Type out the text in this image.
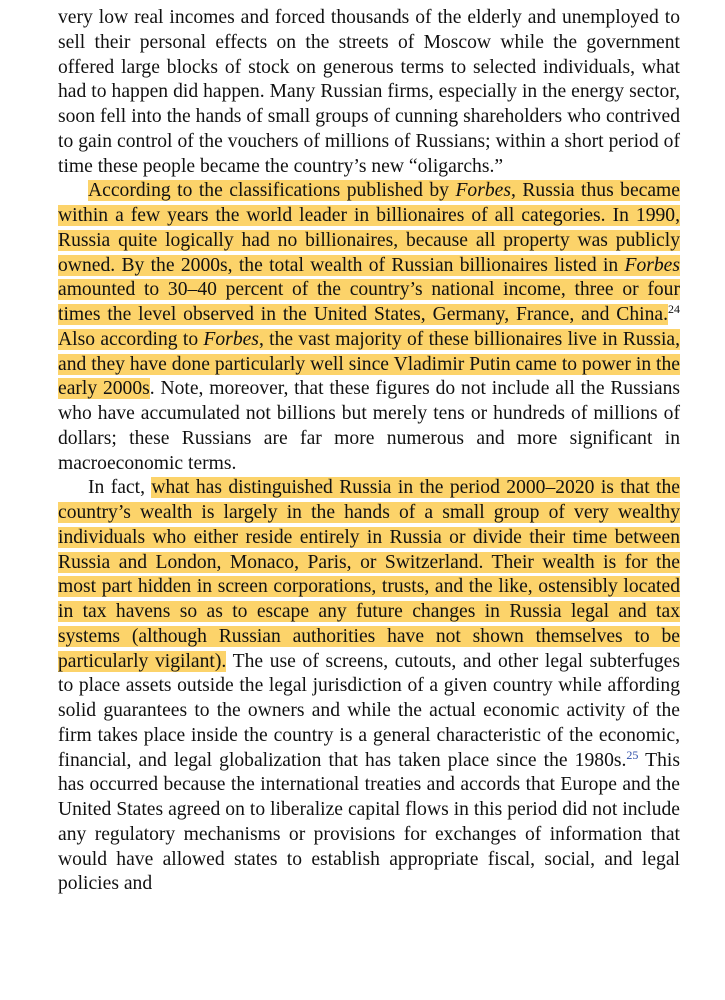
very low real incomes and forced thousands of the elderly and unemployed to sell their personal effects on the streets of Moscow while the government offered large blocks of stock on generous terms to selected individuals, what had to happen did happen. Many Russian firms, especially in the energy sector, soon fell into the hands of small groups of cunning shareholders who contrived to gain control of the vouchers of millions of Russians; within a short period of time these people became the country’s new “oligarchs.”

According to the classifications published by Forbes, Russia thus became within a few years the world leader in billionaires of all categories. In 1990, Russia quite logically had no billionaires, because all property was publicly owned. By the 2000s, the total wealth of Russian billionaires listed in Forbes amounted to 30–40 percent of the country’s national income, three or four times the level observed in the United States, Germany, France, and China.$^{24}$ Also according to Forbes, the vast majority of these billionaires live in Russia, and they have done particularly well since Vladimir Putin came to power in the early 2000s. Note, moreover, that these figures do not include all the Russians who have accumulated not billions but merely tens or hundreds of millions of dollars; these Russians are far more numerous and more significant in macroeconomic terms.

In fact, what has distinguished Russia in the period 2000–2020 is that the country’s wealth is largely in the hands of a small group of very wealthy individuals who either reside entirely in Russia or divide their time between Russia and London, Monaco, Paris, or Switzerland. Their wealth is for the most part hidden in screen corporations, trusts, and the like, ostensibly located in tax havens so as to escape any future changes in Russia legal and tax systems (although Russian authorities have not shown themselves to be particularly vigilant). The use of screens, cutouts, and other legal subterfuges to place assets outside the legal jurisdiction of a given country while affording solid guarantees to the owners and while the actual economic activity of the firm takes place inside the country is a general characteristic of the economic, financial, and legal globalization that has taken place since the 1980s.$^{25}$ This has occurred because the international treaties and accords that Europe and the United States agreed on to liberalize capital flows in this period did not include any regulatory mechanisms or provisions for exchanges of information that would have allowed states to establish appropriate fiscal, social, and legal policies and
